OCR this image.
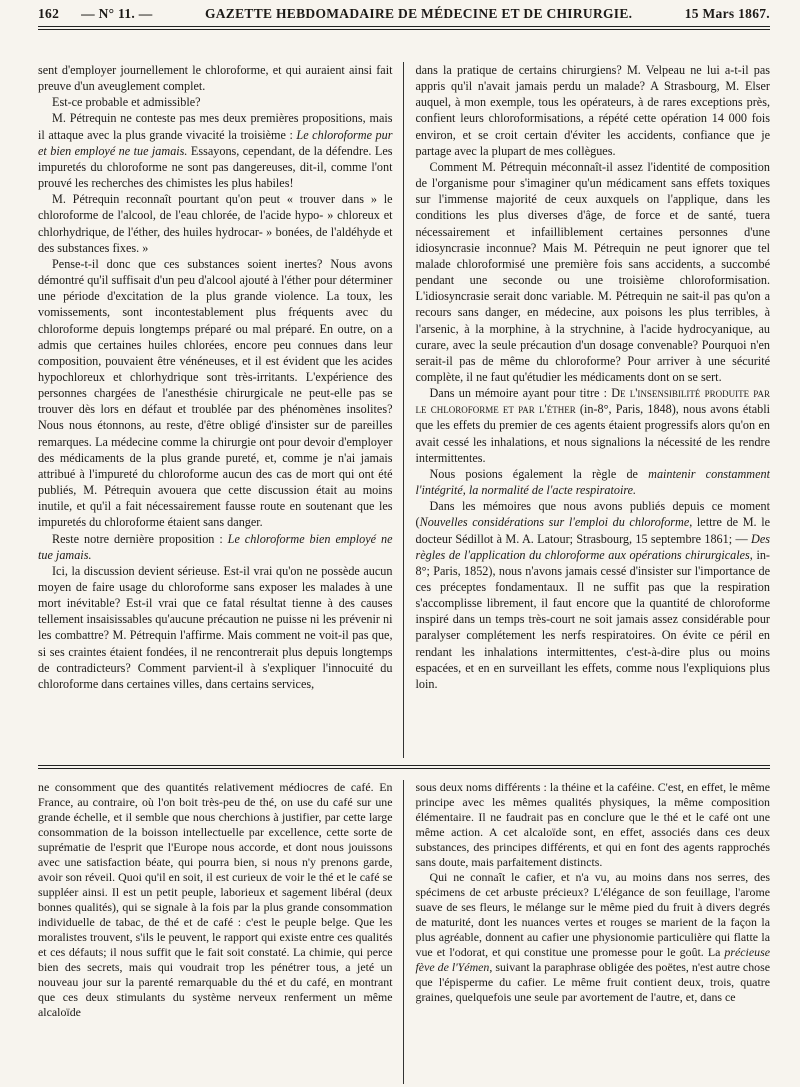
162 — N° 11. —	GAZETTE HEBDOMADAIRE DE MÉDECINE ET DE CHIRURGIE.	15 Mars 1867.

sent d'employer journellement le chloroforme, et qui auraient ainsi fait preuve d'un aveuglement complet.

Est-ce probable et admissible?

M. Pétrequin ne conteste pas mes deux premières propositions, mais il attaque avec la plus grande vivacité la troisième : Le chloroforme pur et bien employé ne tue jamais. Essayons, cependant, de la défendre. Les impuretés du chloroforme ne sont pas dangereuses, dit-il, comme l'ont prouvé les recherches des chimistes les plus habiles!

M. Pétrequin reconnaît pourtant qu'on peut « trouver dans » le chloroforme de l'alcool, de l'eau chlorée, de l'acide hypo- » chloreux et chlorhydrique, de l'éther, des huiles hydrocar- » bonées, de l'aldéhyde et des substances fixes. »

Pense-t-il donc que ces substances soient inertes? Nous avons démontré qu'il suffisait d'un peu d'alcool ajouté à l'éther pour déterminer une période d'excitation de la plus grande violence. La toux, les vomissements, sont incontestablement plus fréquents avec du chloroforme depuis longtemps préparé ou mal préparé. En outre, on a admis que certaines huiles chlorées, encore peu connues dans leur composition, pouvaient être vénéneuses, et il est évident que les acides hypochloreux et chlorhydrique sont très-irritants. L'expérience des personnes chargées de l'anesthésie chirurgicale ne peut-elle pas se trouver dès lors en défaut et troublée par des phénomènes insolites? Nous nous étonnons, au reste, d'être obligé d'insister sur de pareilles remarques. La médecine comme la chirurgie ont pour devoir d'employer des médicaments de la plus grande pureté, et, comme je n'ai jamais attribué à l'impureté du chloroforme aucun des cas de mort qui ont été publiés, M. Pétrequin avouera que cette discussion était au moins inutile, et qu'il a fait nécessairement fausse route en soutenant que les impuretés du chloroforme étaient sans danger.

Reste notre dernière proposition : Le chloroforme bien employé ne tue jamais.

Ici, la discussion devient sérieuse. Est-il vrai qu'on ne possède aucun moyen de faire usage du chloroforme sans exposer les malades à une mort inévitable? Est-il vrai que ce fatal résultat tienne à des causes tellement insaisissables qu'aucune précaution ne puisse ni les prévenir ni les combattre? M. Pétrequin l'affirme. Mais comment ne voit-il pas que, si ses craintes étaient fondées, il ne rencontrerait plus depuis longtemps de contradicteurs? Comment parvient-il à s'expliquer l'innocuité du chloroforme dans certaines villes, dans certains services,

dans la pratique de certains chirurgiens? M. Velpeau ne lui a-t-il pas appris qu'il n'avait jamais perdu un malade? A Strasbourg, M. Elser auquel, à mon exemple, tous les opérateurs, à de rares exceptions près, confient leurs chloroformisations, a répété cette opération 14 000 fois environ, et se croit certain d'éviter les accidents, confiance que je partage avec la plupart de mes collègues.

Comment M. Pétrequin méconnaît-il assez l'identité de composition de l'organisme pour s'imaginer qu'un médicament sans effets toxiques sur l'immense majorité de ceux auxquels on l'applique, dans les conditions les plus diverses d'âge, de force et de santé, tuera nécessairement et infailliblement certaines personnes d'une idiosyncrasie inconnue? Mais M. Pétrequin ne peut ignorer que tel malade chloroformisé une première fois sans accidents, a succombé pendant une seconde ou une troisième chloroformisation. L'idiosyncrasie serait donc variable. M. Pétrequin ne sait-il pas qu'on a recours sans danger, en médecine, aux poisons les plus terribles, à l'arsenic, à la morphine, à la strychnine, à l'acide hydrocyanique, au curare, avec la seule précaution d'un dosage convenable? Pourquoi n'en serait-il pas de même du chloroforme? Pour arriver à une sécurité complète, il ne faut qu'étudier les médicaments dont on se sert.

Dans un mémoire ayant pour titre : De l'insensibilité produite par le chloroforme et par l'éther (in-8°, Paris, 1848), nous avons établi que les effets du premier de ces agents étaient progressifs alors qu'on en avait cessé les inhalations, et nous signalions la nécessité de les rendre intermittentes.

Nous posions également la règle de maintenir constamment l'intégrité, la normalité de l'acte respiratoire.

Dans les mémoires que nous avons publiés depuis ce moment (Nouvelles considérations sur l'emploi du chloroforme, lettre de M. le docteur Sédillot à M. A. Latour; Strasbourg, 15 septembre 1861; — Des règles de l'application du chloroforme aux opérations chirurgicales, in-8°; Paris, 1852), nous n'avons jamais cessé d'insister sur l'importance de ces préceptes fondamentaux. Il ne suffit pas que la respiration s'accomplisse librement, il faut encore que la quantité de chloroforme inspiré dans un temps très-court ne soit jamais assez considérable pour paralyser complétement les nerfs respiratoires. On évite ce péril en rendant les inhalations intermittentes, c'est-à-dire plus ou moins espacées, et en en surveillant les effets, comme nous l'expliquions plus loin.

ne consomment que des quantités relativement médiocres de café. En France, au contraire, où l'on boit très-peu de thé, on use du café sur une grande échelle, et il semble que nous cherchions à justifier, par cette large consommation de la boisson intellectuelle par excellence, cette sorte de suprématie de l'esprit que l'Europe nous accorde, et dont nous jouissons avec une satisfaction béate, qui pourra bien, si nous n'y prenons garde, avoir son réveil. Quoi qu'il en soit, il est curieux de voir le thé et le café se suppléer ainsi. Il est un petit peuple, laborieux et sagement libéral (deux bonnes qualités), qui se signale à la fois par la plus grande consommation individuelle de tabac, de thé et de café : c'est le peuple belge. Que les moralistes trouvent, s'ils le peuvent, le rapport qui existe entre ces qualités et ces défauts; il nous suffit que le fait soit constaté. La chimie, qui perce bien des secrets, mais qui voudrait trop les pénétrer tous, a jeté un nouveau jour sur la parenté remarquable du thé et du café, en montrant que ces deux stimulants du système nerveux renferment un même alcaloïde

sous deux noms différents : la théine et la caféine. C'est, en effet, le même principe avec les mêmes qualités physiques, la même composition élémentaire. Il ne faudrait pas en conclure que le thé et le café ont une même action. A cet alcaloïde sont, en effet, associés dans ces deux substances, des principes différents, et qui en font des agents rapprochés sans doute, mais parfaitement distincts.

Qui ne connaît le cafier, et n'a vu, au moins dans nos serres, des spécimens de cet arbuste précieux? L'élégance de son feuillage, l'arome suave de ses fleurs, le mélange sur le même pied du fruit à divers degrés de maturité, dont les nuances vertes et rouges se marient de la façon la plus agréable, donnent au cafier une physionomie particulière qui flatte la vue et l'odorat, et qui constitue une promesse pour le goût. La précieuse fève de l'Yémen, suivant la paraphrase obligée des poëtes, n'est autre chose que l'épisperme du cafier. Le même fruit contient deux, trois, quatre graines, quelquefois une seule par avortement de l'autre, et, dans ce
